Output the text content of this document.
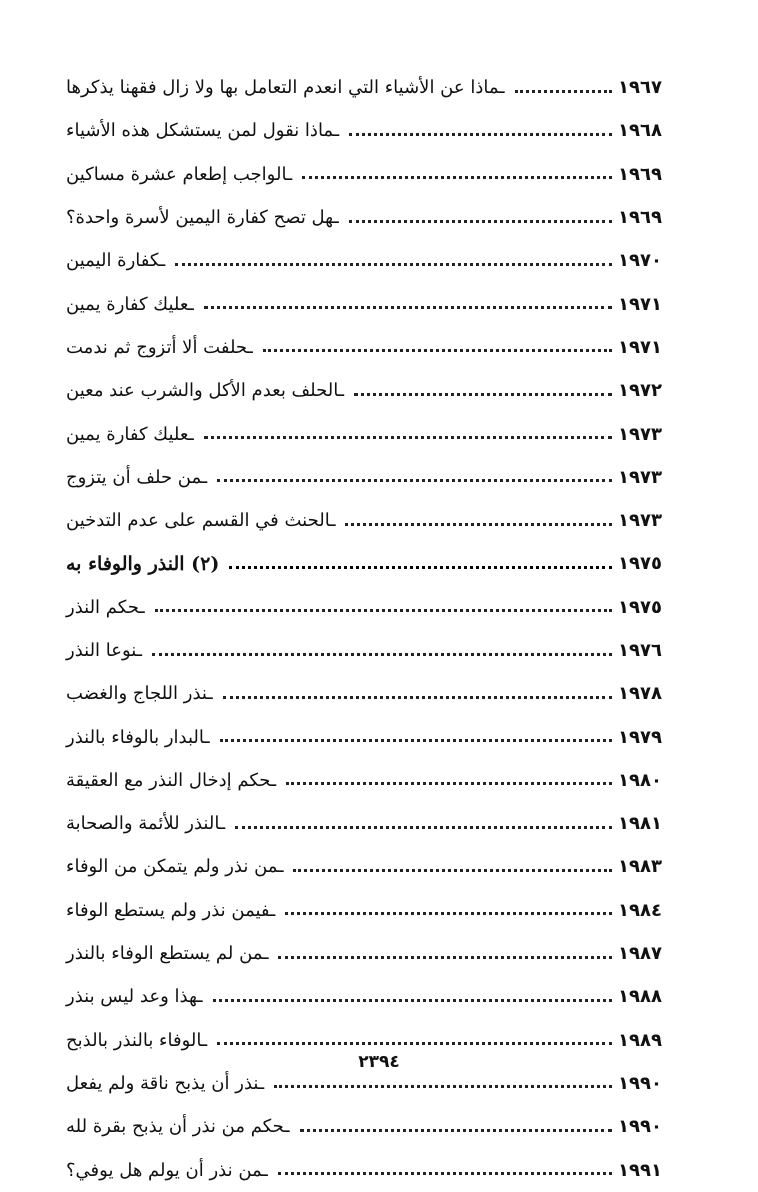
ـماذا عن الأشياء التي انعدم التعامل بها ولا زال فقهنا يذكرها	١٩٦٧
ـماذا نقول لمن يستشكل هذه الأشياء	١٩٦٨
ـالواجب إطعام عشرة مساكين	١٩٦٩
ـهل تصح كفارة اليمين لأسرة واحدة؟	١٩٦٩
ـكفارة اليمين	١٩٧٠
ـعليك كفارة يمين	١٩٧١
ـحلفت ألا أتزوج ثم ندمت	١٩٧١
ـالحلف بعدم الأكل والشرب عند معين	١٩٧٢
ـعليك كفارة يمين	١٩٧٣
ـمن حلف أن يتزوج	١٩٧٣
ـالحنث في القسم على عدم التدخين	١٩٧٣
(٢) النذر والوفاء به	١٩٧٥
ـحكم النذر	١٩٧٥
ـنوعا النذر	١٩٧٦
ـنذر اللجاج والغضب	١٩٧٨
ـالبدار بالوفاء بالنذر	١٩٧٩
ـحكم إدخال النذر مع العقيقة	١٩٨٠
ـالنذر للأئمة والصحابة	١٩٨١
ـمن نذر ولم يتمكن من الوفاء	١٩٨٣
ـفيمن نذر ولم يستطع الوفاء	١٩٨٤
ـمن لم يستطع الوفاء بالنذر	١٩٨٧
ـهذا وعد ليس بنذر	١٩٨٨
ـالوفاء بالنذر بالذبح	١٩٨٩
ـنذر أن يذبح ناقة ولم يفعل	١٩٩٠
ـحكم من نذر أن يذبح بقرة لله	١٩٩٠
ـمن نذر أن يولم هل يوفي؟	١٩٩١
٢٣٩٤
